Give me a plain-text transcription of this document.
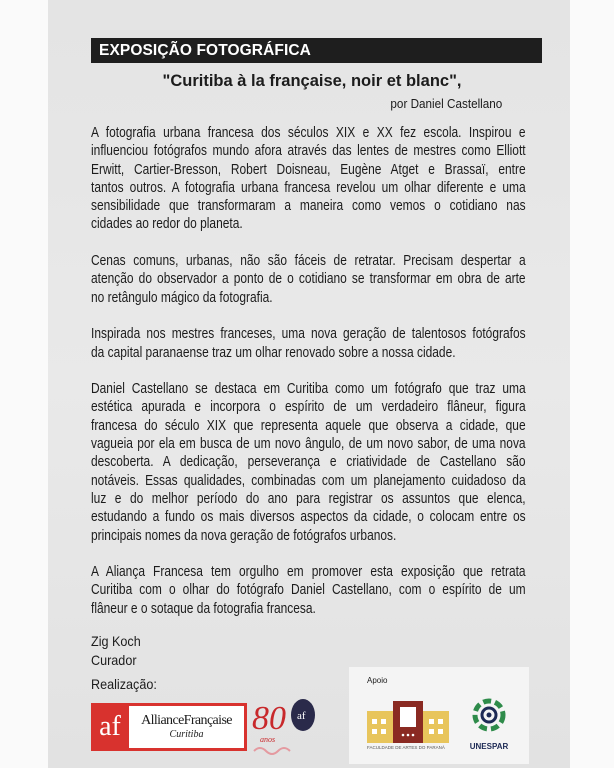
EXPOSIÇÃO FOTOGRÁFICA
"Curitiba à la française, noir et blanc",
por Daniel Castellano
A fotografia urbana francesa dos séculos XIX e XX fez escola. Inspirou e
influenciou fotógrafos mundo afora através das lentes de mestres como Elliott
Erwitt, Cartier-Bresson, Robert Doisneau, Eugène Atget e Brassaï, entre
tantos outros. A fotografia urbana francesa revelou um olhar diferente e uma
sensibilidade que transformaram a maneira como vemos o cotidiano nas
cidades ao redor do planeta.
Cenas comuns, urbanas, não são fáceis de retratar. Precisam despertar a
atenção do observador a ponto de o cotidiano se transformar em obra de arte
no retângulo mágico da fotografia.
Inspirada nos mestres franceses, uma nova geração de talentosos fotógrafos
da capital paranaense traz um olhar renovado sobre a nossa cidade.
Daniel Castellano se destaca em Curitiba como um fotógrafo que traz uma
estética apurada e incorpora o espírito de um verdadeiro flâneur, figura
francesa do século XIX que representa aquele que observa a cidade, que
vagueia por ela em busca de um novo ângulo, de um novo sabor, de uma nova
descoberta. A dedicação, perseverança e criatividade de Castellano são
notáveis. Essas qualidades, combinadas com um planejamento cuidadoso da
luz e do melhor período do ano para registrar os assuntos que elenca,
estudando a fundo os mais diversos aspectos da cidade, o colocam entre os
principais nomes da nova geração de fotógrafos urbanos.
A Aliança Francesa tem orgulho em promover esta exposição que retrata
Curitiba com o olhar do fotógrafo Daniel Castellano, com o espírito de um
flâneur e o sotaque da fotografia francesa.
Zig Koch
Curador
Realização:
af	AllianceFrançaise
Curitiba	80 af
anos
Apoio
FACULDADE DE ARTES DO PARANÁ	UNESPAR
